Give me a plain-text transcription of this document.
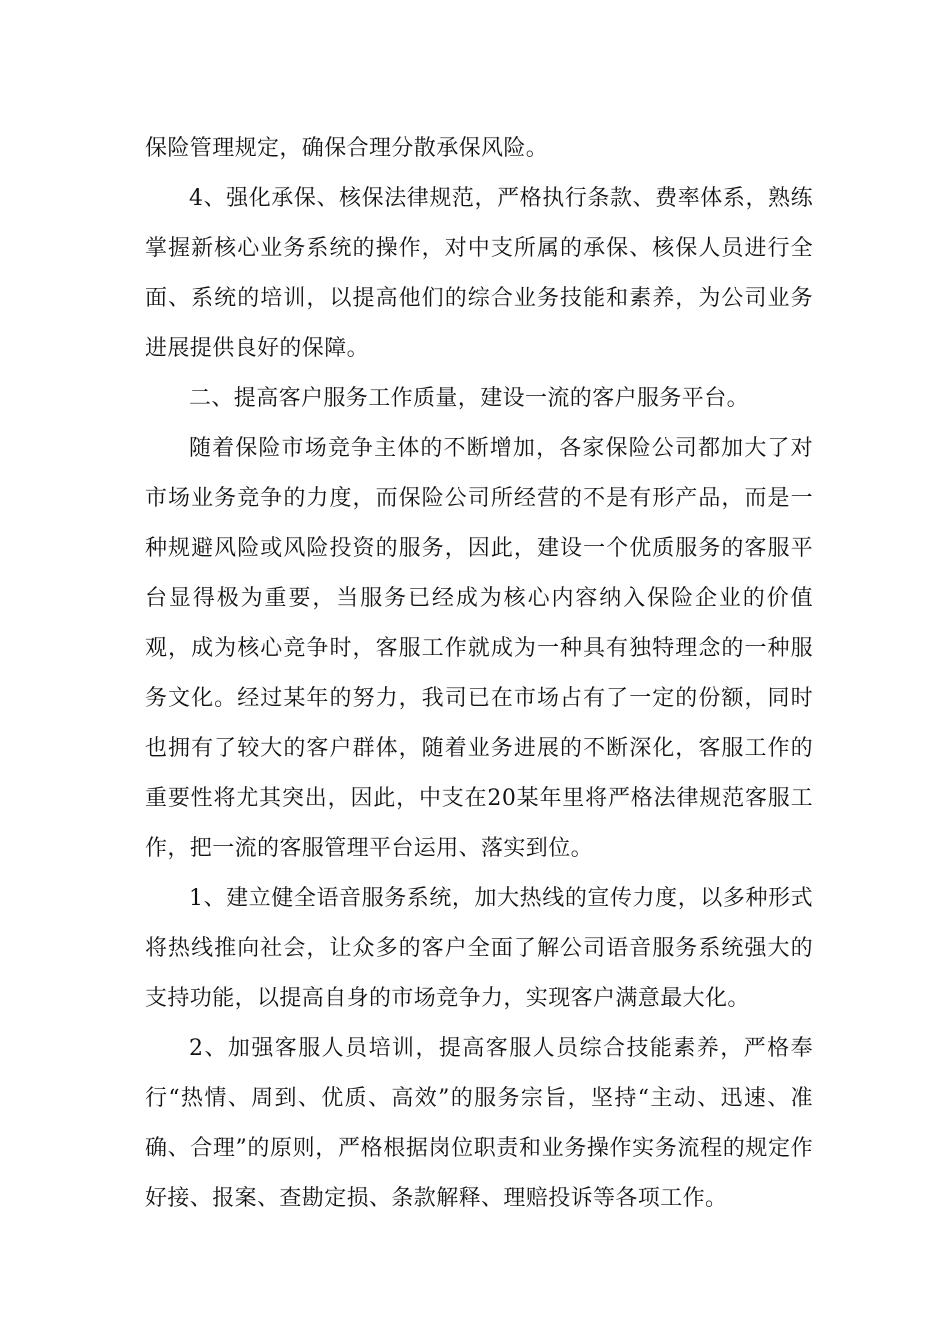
保险管理规定，确保合理分散承保风险。

4、强化承保、核保法律规范，严格执行条款、费率体系，熟练掌握新核心业务系统的操作，对中支所属的承保、核保人员进行全面、系统的培训，以提高他们的综合业务技能和素养，为公司业务进展提供良好的保障。

二、提高客户服务工作质量，建设一流的客户服务平台。

随着保险市场竞争主体的不断增加，各家保险公司都加大了对市场业务竞争的力度，而保险公司所经营的不是有形产品，而是一种规避风险或风险投资的服务，因此，建设一个优质服务的客服平台显得极为重要，当服务已经成为核心内容纳入保险企业的价值观，成为核心竞争时，客服工作就成为一种具有独特理念的一种服务文化。经过某年的努力，我司已在市场占有了一定的份额，同时也拥有了较大的客户群体，随着业务进展的不断深化，客服工作的重要性将尤其突出，因此，中支在20某年里将严格法律规范客服工作，把一流的客服管理平台运用、落实到位。

1、建立健全语音服务系统，加大热线的宣传力度，以多种形式将热线推向社会，让众多的客户全面了解公司语音服务系统强大的支持功能，以提高自身的市场竞争力，实现客户满意最大化。

2、加强客服人员培训，提高客服人员综合技能素养，严格奉行“热情、周到、优质、高效”的服务宗旨，坚持“主动、迅速、准确、合理”的原则，严格根据岗位职责和业务操作实务流程的规定作好接、报案、查勘定损、条款解释、理赔投诉等各项工作。
